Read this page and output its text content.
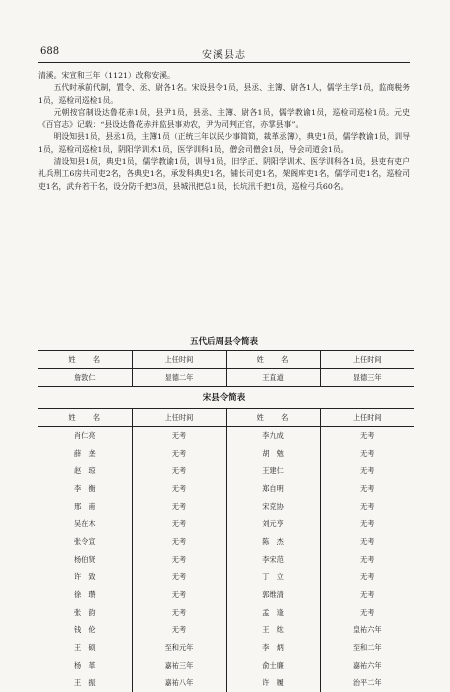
688	安溪县志

清溪。宋宣和三年（1121）改称安溪。

五代时承前代制，置令、丞、尉各1名。宋设县令1员，县丞、主簿、尉各1人，儒学主学1员，监商税务1员，巡检司巡检1员。

元朝按官制设达鲁花赤1员，县尹1员，县丞、主簿、尉各1员，儒学教谕1员，巡检司巡检1员。元史《百官志》记载：“县设达鲁花赤并监县事劝农，尹为司判正官，亦掌县事”。

明设知县1员，县丞1员，主簿1员（正统三年以民少事简简，裁革丞簿），典史1员，儒学教谕1员，训导1员，巡检司巡检1员，阴阳学训术1员，医学训科1员，僧会司僧会1员，导会司道会1员。

清设知县1员，典史1员，儒学教谕1员，训导1员，旧学正、阴阳学训术、医学训科各1员，县吏有吏户礼兵刑工6房共司吏2名，各典史1名，承发科典史1名，铺长司吏1名，架阁库吏1名，儒学司吏1名，巡检司吏1名，武弁若干名，设分防千把3员，县城汛把总1员，长坑汛千把1员，巡检弓兵60名。

五代后周县令简表
姓　　名	上任时间	姓　　名	上任时间
詹敦仁	显德二年	王直道	显德三年
宋县令简表
姓　　名	上任时间	姓　　名	上任时间
肖仁亮	无考	李九成	无考
薛　垄	无考	胡　勉	无考
赵　琼	无考	王建仁	无考
李　衡	无考	郑自明	无考
邢　甫	无考	宋克协	无考
吴在木	无考	刘元亨	无考
张令宣	无考	陈　杰	无考
杨伯贤	无考	李宋范	无考
许　致	无考	丁　立	无考
徐　瓒	无考	郭维清	无考
张　韵	无考	孟　逢	无考
钱　伦	无考	王　纮	皇祐六年
王　硕	至和元年	李　炳	至和二年
杨　革	嘉祐三年	俞士廉	嘉祐六年
王　振	嘉祐八年	许　履	治平二年
